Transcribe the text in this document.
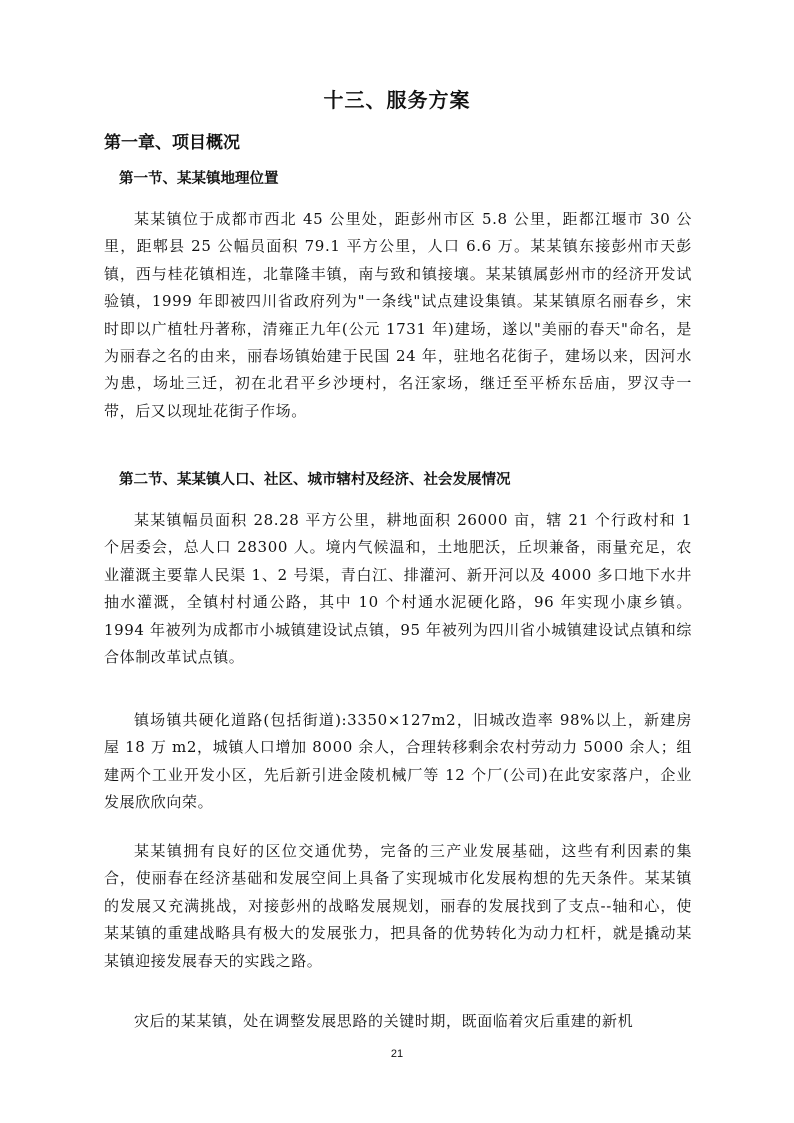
十三、服务方案
第一章、项目概况
第一节、某某镇地理位置

某某镇位于成都市西北 45 公里处，距彭州市区 5.8 公里，距都江堰市 30 公里，距郫县 25 公幅员面积 79.1 平方公里，人口 6.6 万。某某镇东接彭州市天彭镇，西与桂花镇相连，北靠隆丰镇，南与致和镇接壤。某某镇属彭州市的经济开发试验镇，1999 年即被四川省政府列为"一条线"试点建设集镇。某某镇原名丽春乡，宋时即以广植牡丹著称，清雍正九年(公元 1731 年)建场，遂以"美丽的春天"命名，是为丽春之名的由来，丽春场镇始建于民国 24 年，驻地名花街子，建场以来，因河水为患，场址三迁，初在北君平乡沙埂村，名汪家场，继迁至平桥东岳庙，罗汉寺一带，后又以现址花街子作场。

第二节、某某镇人口、社区、城市辖村及经济、社会发展情况

某某镇幅员面积 28.28 平方公里，耕地面积 26000 亩，辖 21 个行政村和 1 个居委会，总人口 28300 人。境内气候温和，土地肥沃，丘坝兼备，雨量充足，农业灌溉主要靠人民渠 1、2 号渠，青白江、排灌河、新开河以及 4000 多口地下水井抽水灌溉，全镇村村通公路，其中 10 个村通水泥硬化路，96 年实现小康乡镇。1994 年被列为成都市小城镇建设试点镇，95 年被列为四川省小城镇建设试点镇和综合体制改革试点镇。

镇场镇共硬化道路(包括街道):3350×127m2，旧城改造率 98%以上，新建房屋 18 万 m2，城镇人口增加 8000 余人，合理转移剩余农村劳动力 5000 余人；组建两个工业开发小区，先后新引进金陵机械厂等 12 个厂(公司)在此安家落户，企业发展欣欣向荣。

某某镇拥有良好的区位交通优势，完备的三产业发展基础，这些有利因素的集合，使丽春在经济基础和发展空间上具备了实现城市化发展构想的先天条件。某某镇的发展又充满挑战，对接彭州的战略发展规划，丽春的发展找到了支点--轴和心，使某某镇的重建战略具有极大的发展张力，把具备的优势转化为动力杠杆，就是撬动某某镇迎接发展春天的实践之路。

灾后的某某镇，处在调整发展思路的关键时期，既面临着灾后重建的新机

21
